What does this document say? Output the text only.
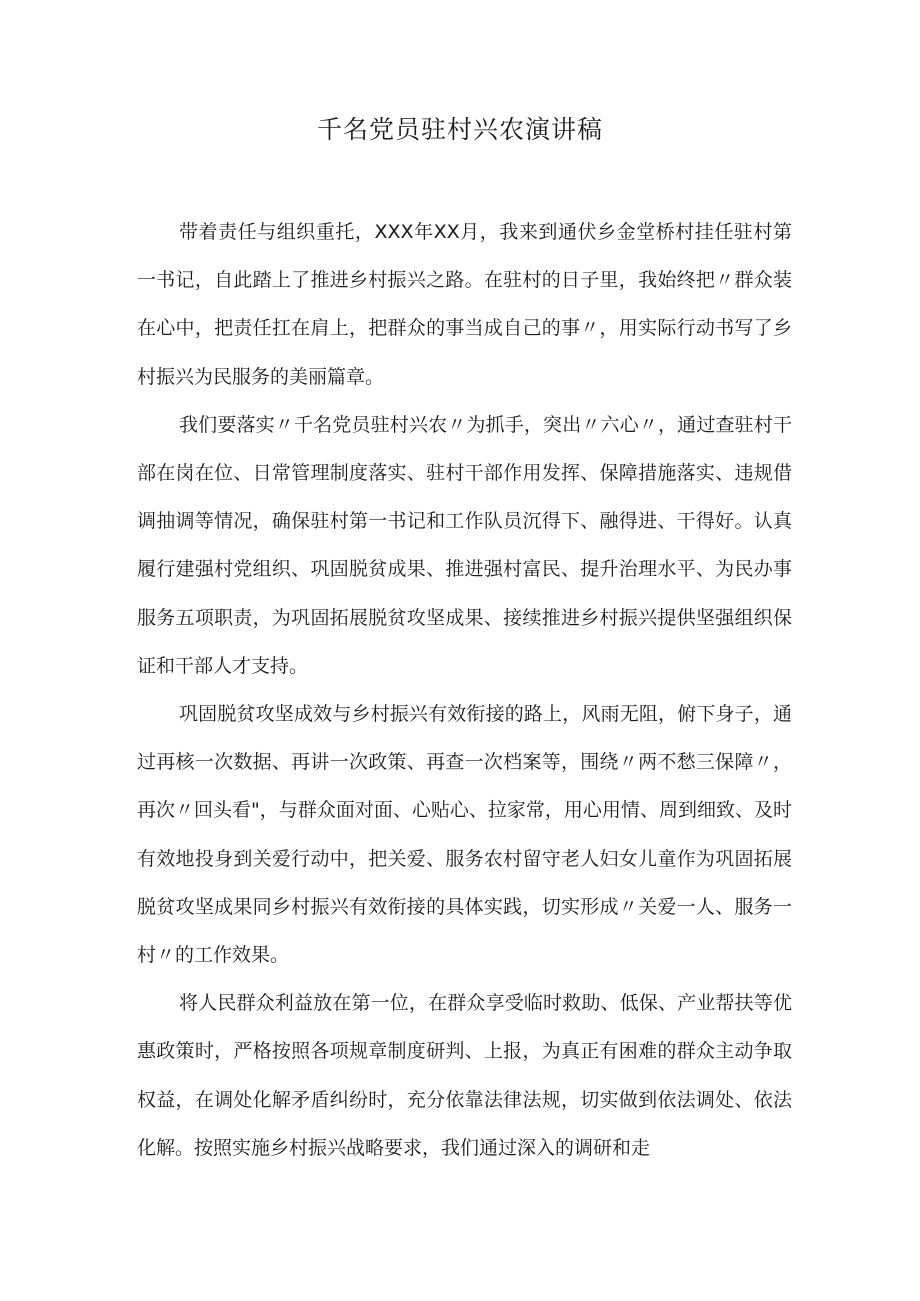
千名党员驻村兴农演讲稿

带着责任与组织重托，XXX年XX月，我来到通伏乡金堂桥村挂任驻村第一书记，自此踏上了推进乡村振兴之路。在驻村的日子里，我始终把〃群众装在心中，把责任扛在肩上，把群众的事当成自己的事〃，用实际行动书写了乡村振兴为民服务的美丽篇章。

我们要落实〃千名党员驻村兴农〃为抓手，突出〃六心〃，通过查驻村干部在岗在位、日常管理制度落实、驻村干部作用发挥、保障措施落实、违规借调抽调等情况，确保驻村第一书记和工作队员沉得下、融得进、干得好。认真履行建强村党组织、巩固脱贫成果、推进强村富民、提升治理水平、为民办事服务五项职责，为巩固拓展脱贫攻坚成果、接续推进乡村振兴提供坚强组织保证和干部人才支持。

巩固脱贫攻坚成效与乡村振兴有效衔接的路上，风雨无阻，俯下身子，通过再核一次数据、再讲一次政策、再查一次档案等，围绕〃两不愁三保障〃，再次〃回头看"，与群众面对面、心贴心、拉家常，用心用情、周到细致、及时有效地投身到关爱行动中，把关爱、服务农村留守老人妇女儿童作为巩固拓展脱贫攻坚成果同乡村振兴有效衔接的具体实践，切实形成〃关爱一人、服务一村〃的工作效果。

将人民群众利益放在第一位，在群众享受临时救助、低保、产业帮扶等优惠政策时，严格按照各项规章制度研判、上报，为真正有困难的群众主动争取权益，在调处化解矛盾纠纷时，充分依靠法律法规，切实做到依法调处、依法化解。按照实施乡村振兴战略要求，我们通过深入的调研和走
